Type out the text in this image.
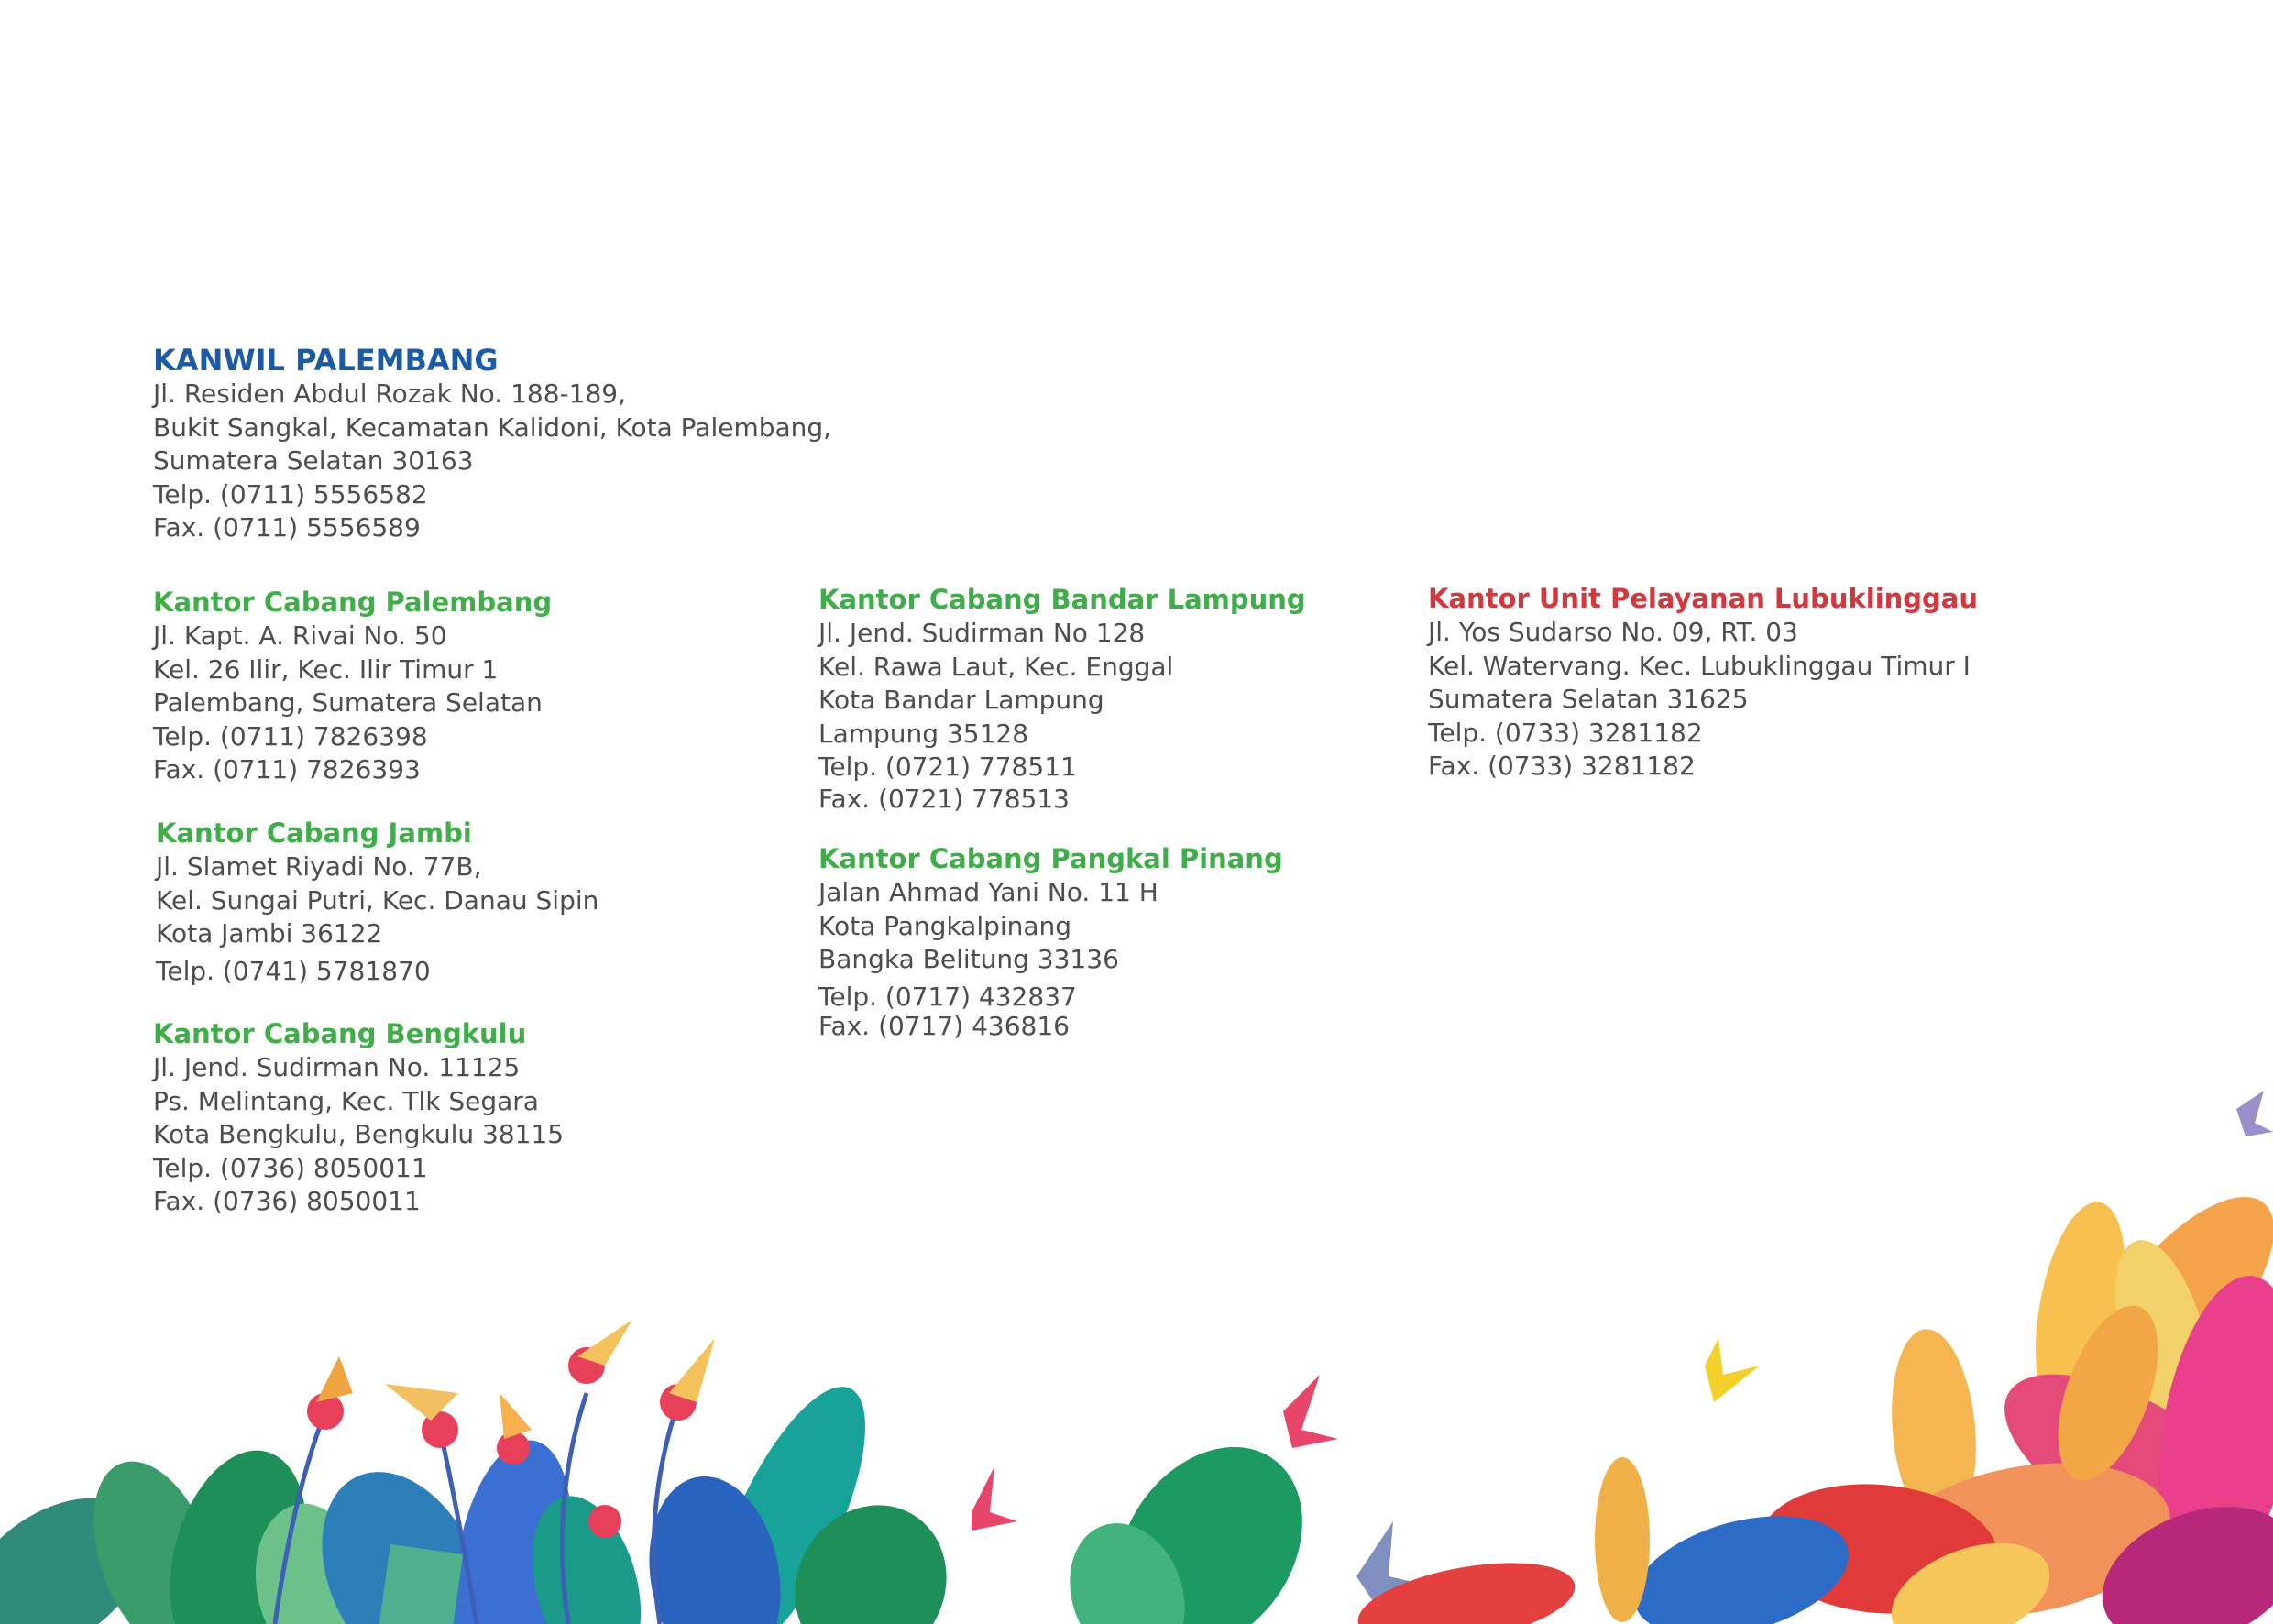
KANWIL PALEMBANG
Jl. Residen Abdul Rozak No. 188-189,
Bukit Sangkal, Kecamatan Kalidoni, Kota Palembang,
Sumatera Selatan 30163
Telp. (0711) 5556582
Fax. (0711) 5556589
Kantor Cabang Palembang
Jl. Kapt. A. Rivai No. 50
Kel. 26 Ilir, Kec. Ilir Timur 1
Palembang, Sumatera Selatan
Telp. (0711) 7826398
Fax. (0711) 7826393
Kantor Cabang Jambi
Jl. Slamet Riyadi No. 77B,
Kel. Sungai Putri, Kec. Danau Sipin
Kota Jambi 36122
Telp. (0741) 5781870
Kantor Cabang Bengkulu
Jl. Jend. Sudirman No. 11125
Ps. Melintang, Kec. Tlk Segara
Kota Bengkulu, Bengkulu 38115
Telp. (0736) 8050011
Fax. (0736) 8050011
Kantor Cabang Bandar Lampung
Jl. Jend. Sudirman No 128
Kel. Rawa Laut, Kec. Enggal
Kota Bandar Lampung
Lampung 35128
Telp. (0721) 778511
Fax. (0721) 778513
Kantor Cabang Pangkal Pinang
Jalan Ahmad Yani No. 11 H
Kota Pangkalpinang
Bangka Belitung 33136
Telp. (0717) 432837
Fax. (0717) 436816
Kantor Unit Pelayanan Lubuklinggau
Jl. Yos Sudarso No. 09, RT. 03
Kel. Watervang. Kec. Lubuklinggau Timur I
Sumatera Selatan 31625
Telp. (0733) 3281182
Fax. (0733) 3281182
